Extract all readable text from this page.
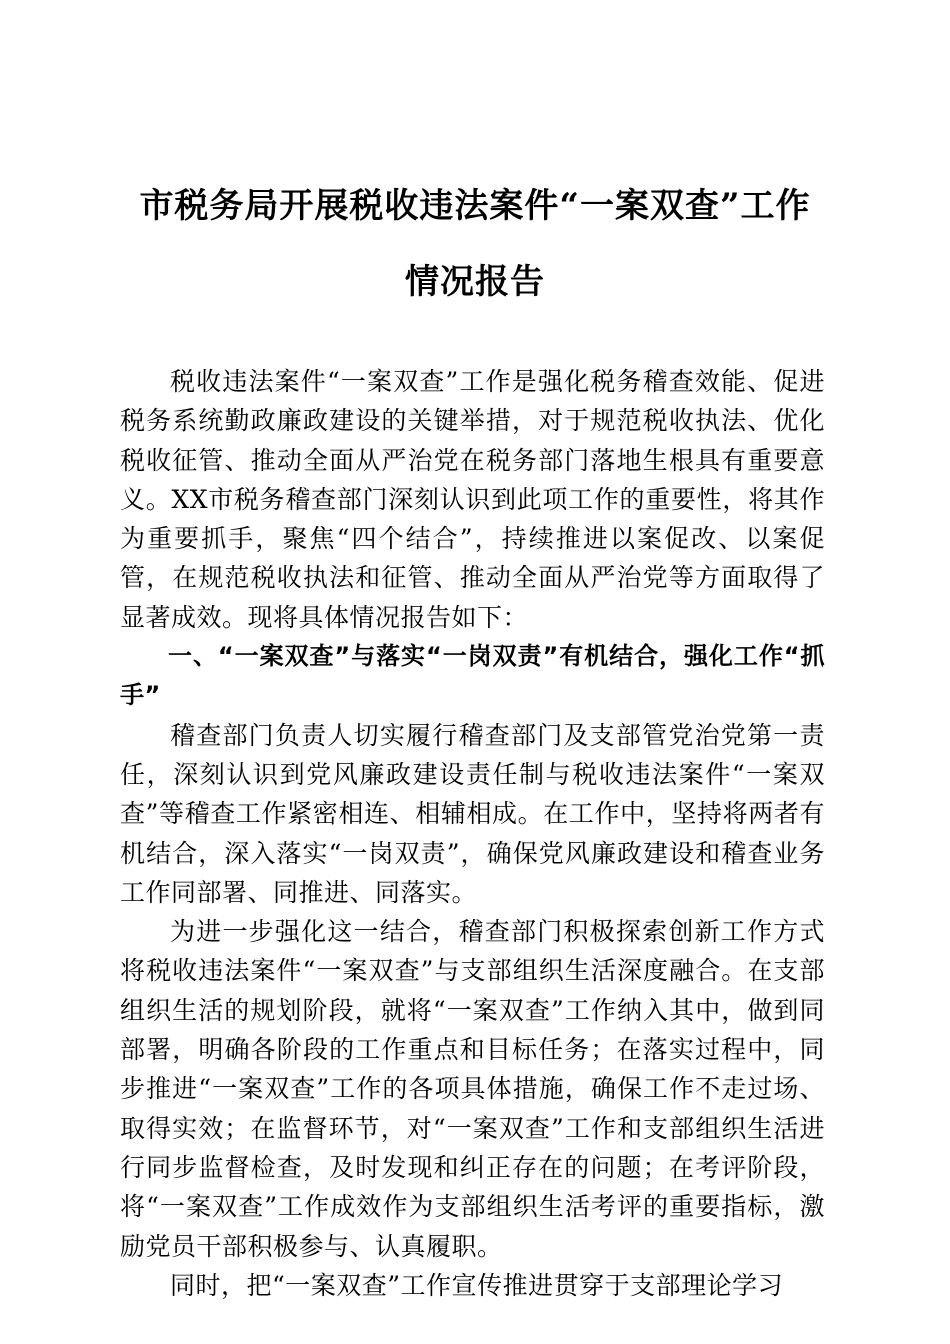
市税务局开展税收违法案件“一案双查”工作
情况报告

税收违法案件“一案双查”工作是强化税务稽查效能、促进税务系统勤政廉政建设的关键举措，对于规范税收执法、优化税收征管、推动全面从严治党在税务部门落地生根具有重要意义。XX市税务稽查部门深刻认识到此项工作的重要性，将其作为重要抓手，聚焦“四个结合”，持续推进以案促改、以案促管，在规范税收执法和征管、推动全面从严治党等方面取得了显著成效。现将具体情况报告如下：

一、“一案双查”与落实“一岗双责”有机结合，强化工作“抓手”

稽查部门负责人切实履行稽查部门及支部管党治党第一责任，深刻认识到党风廉政建设责任制与税收违法案件“一案双查”等稽查工作紧密相连、相辅相成。在工作中，坚持将两者有机结合，深入落实“一岗双责”，确保党风廉政建设和稽查业务工作同部署、同推进、同落实。

为进一步强化这一结合，稽查部门积极探索创新工作方式将税收违法案件“一案双查”与支部组织生活深度融合。在支部组织生活的规划阶段，就将“一案双查”工作纳入其中，做到同部署，明确各阶段的工作重点和目标任务；在落实过程中，同步推进“一案双查”工作的各项具体措施，确保工作不走过场、取得实效；在监督环节，对“一案双查”工作和支部组织生活进行同步监督检查，及时发现和纠正存在的问题；在考评阶段，将“一案双查”工作成效作为支部组织生活考评的重要指标，激励党员干部积极参与、认真履职。

同时，把“一案双查”工作宣传推进贯穿于支部理论学习
